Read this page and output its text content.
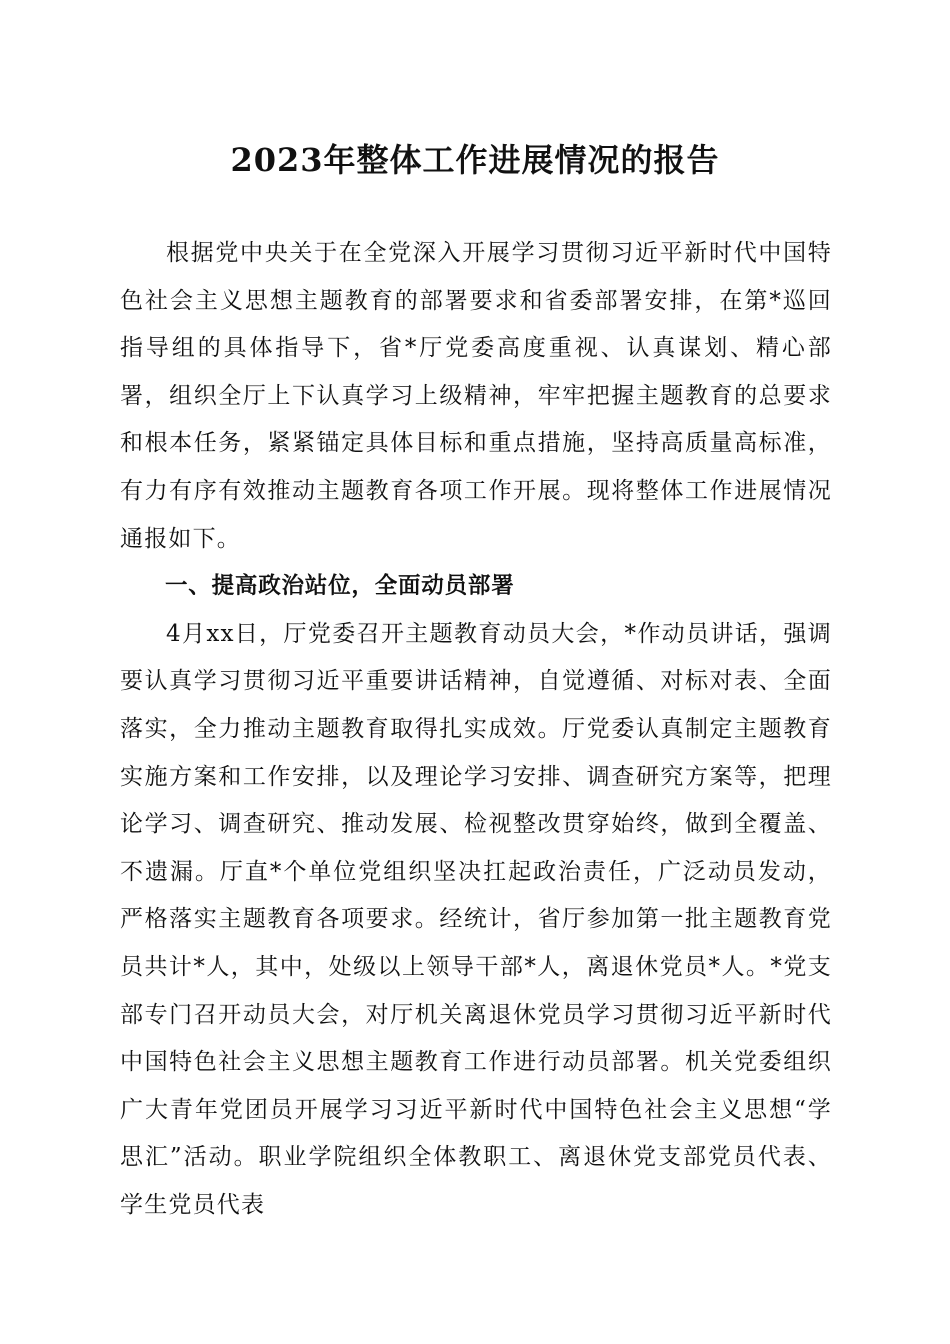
2023年整体工作进展情况的报告

根据党中央关于在全党深入开展学习贯彻习近平新时代中国特色社会主义思想主题教育的部署要求和省委部署安排，在第*巡回指导组的具体指导下，省*厅党委高度重视、认真谋划、精心部署，组织全厅上下认真学习上级精神，牢牢把握主题教育的总要求和根本任务，紧紧锚定具体目标和重点措施，坚持高质量高标准，有力有序有效推动主题教育各项工作开展。现将整体工作进展情况通报如下。

一、提高政治站位，全面动员部署

4月xx日，厅党委召开主题教育动员大会，*作动员讲话，强调要认真学习贯彻习近平重要讲话精神，自觉遵循、对标对表、全面落实，全力推动主题教育取得扎实成效。厅党委认真制定主题教育实施方案和工作安排，以及理论学习安排、调查研究方案等，把理论学习、调查研究、推动发展、检视整改贯穿始终，做到全覆盖、不遗漏。厅直*个单位党组织坚决扛起政治责任，广泛动员发动，严格落实主题教育各项要求。经统计，省厅参加第一批主题教育党员共计*人，其中，处级以上领导干部*人，离退休党员*人。*党支部专门召开动员大会，对厅机关离退休党员学习贯彻习近平新时代中国特色社会主义思想主题教育工作进行动员部署。机关党委组织广大青年党团员开展学习习近平新时代中国特色社会主义思想“学思汇”活动。职业学院组织全体教职工、离退休党支部党员代表、学生党员代表
